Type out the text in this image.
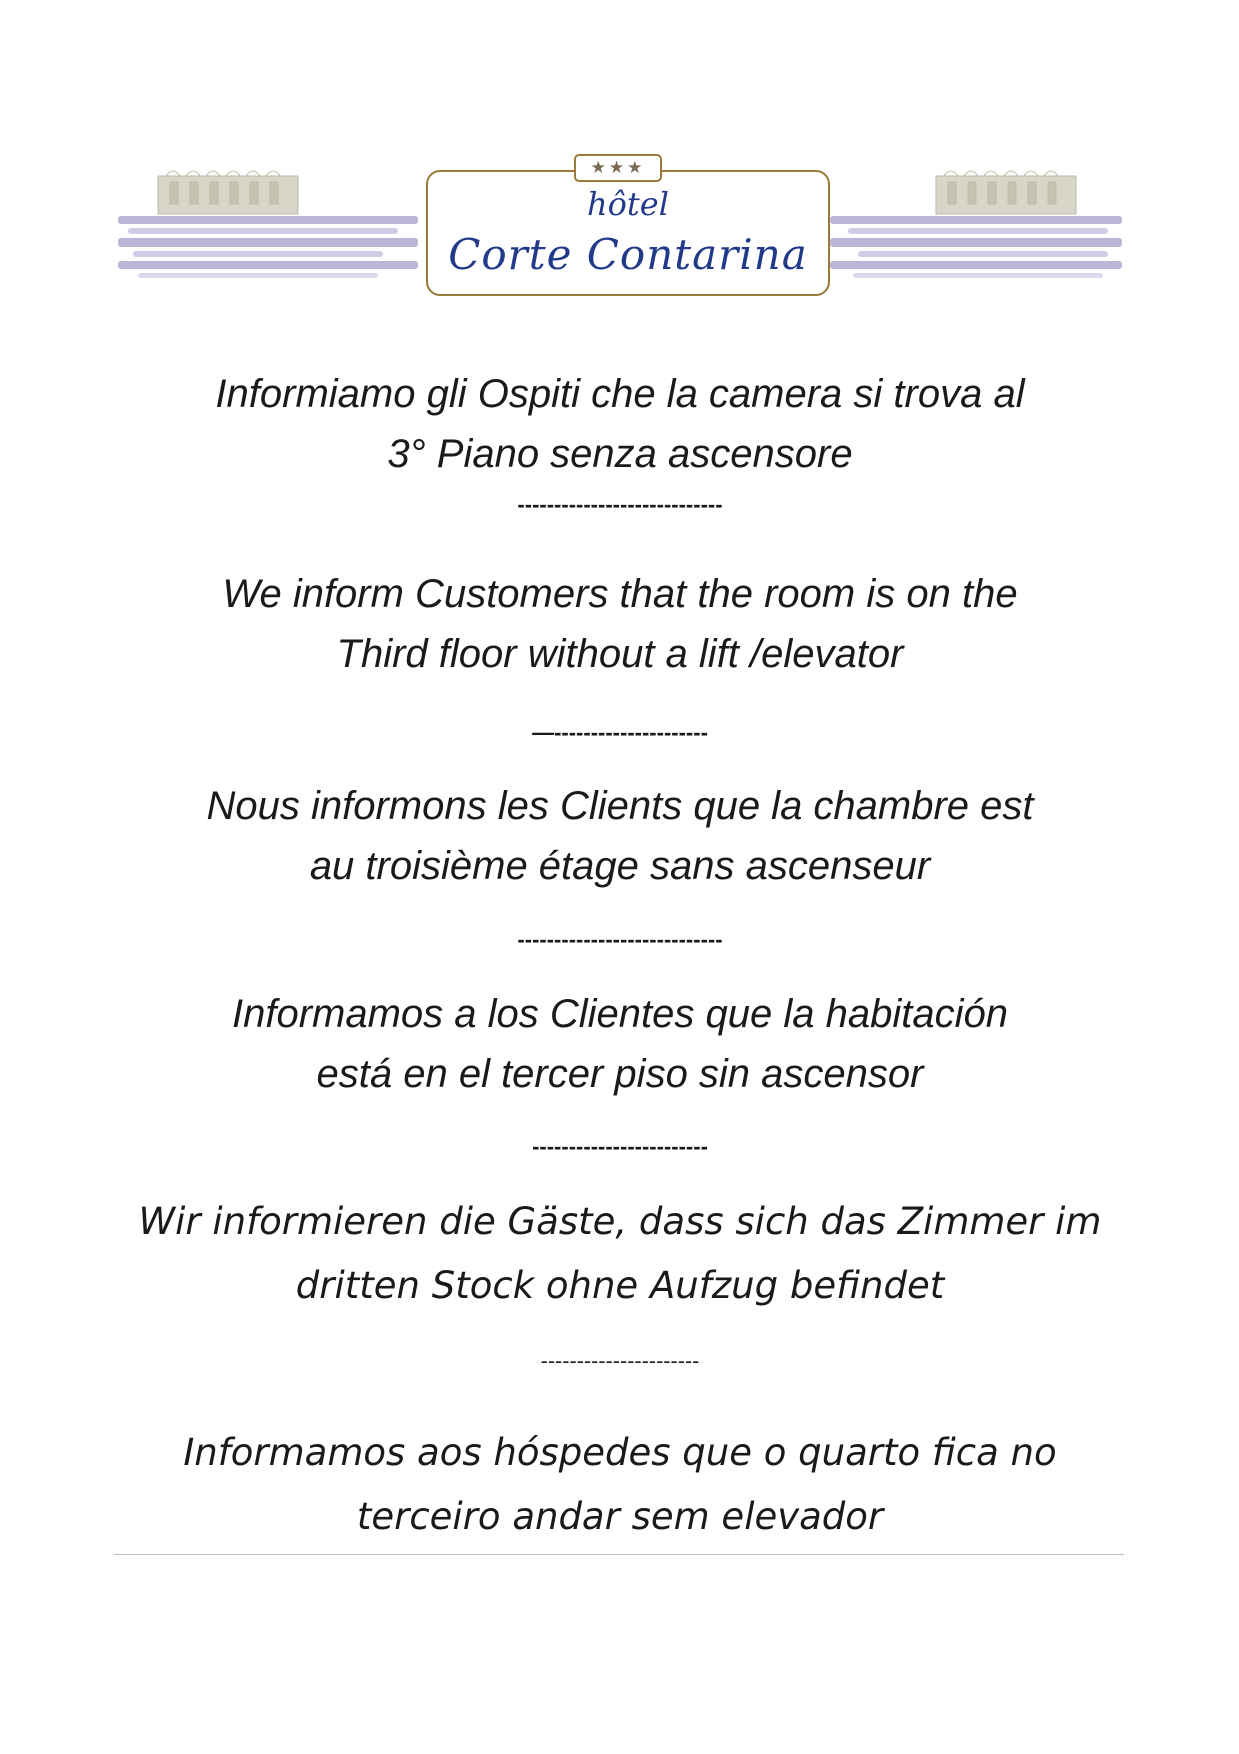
★★★
hôtel
Corte Contarina

Informiamo gli Ospiti che la camera si trova al
3° Piano senza ascensore

----------------------------

We inform Customers that the room is on the
Third floor without a lift /elevator

—---------------------

Nous informons les Clients que la chambre est
au troisième étage sans ascenseur

----------------------------

Informamos a los Clientes que la habitación
está en el tercer piso sin ascensor

------------------------

Wir informieren die Gäste, dass sich das Zimmer im
dritten Stock ohne Aufzug befindet

----------------------

Informamos aos hóspedes que o quarto fica no
terceiro andar sem elevador
